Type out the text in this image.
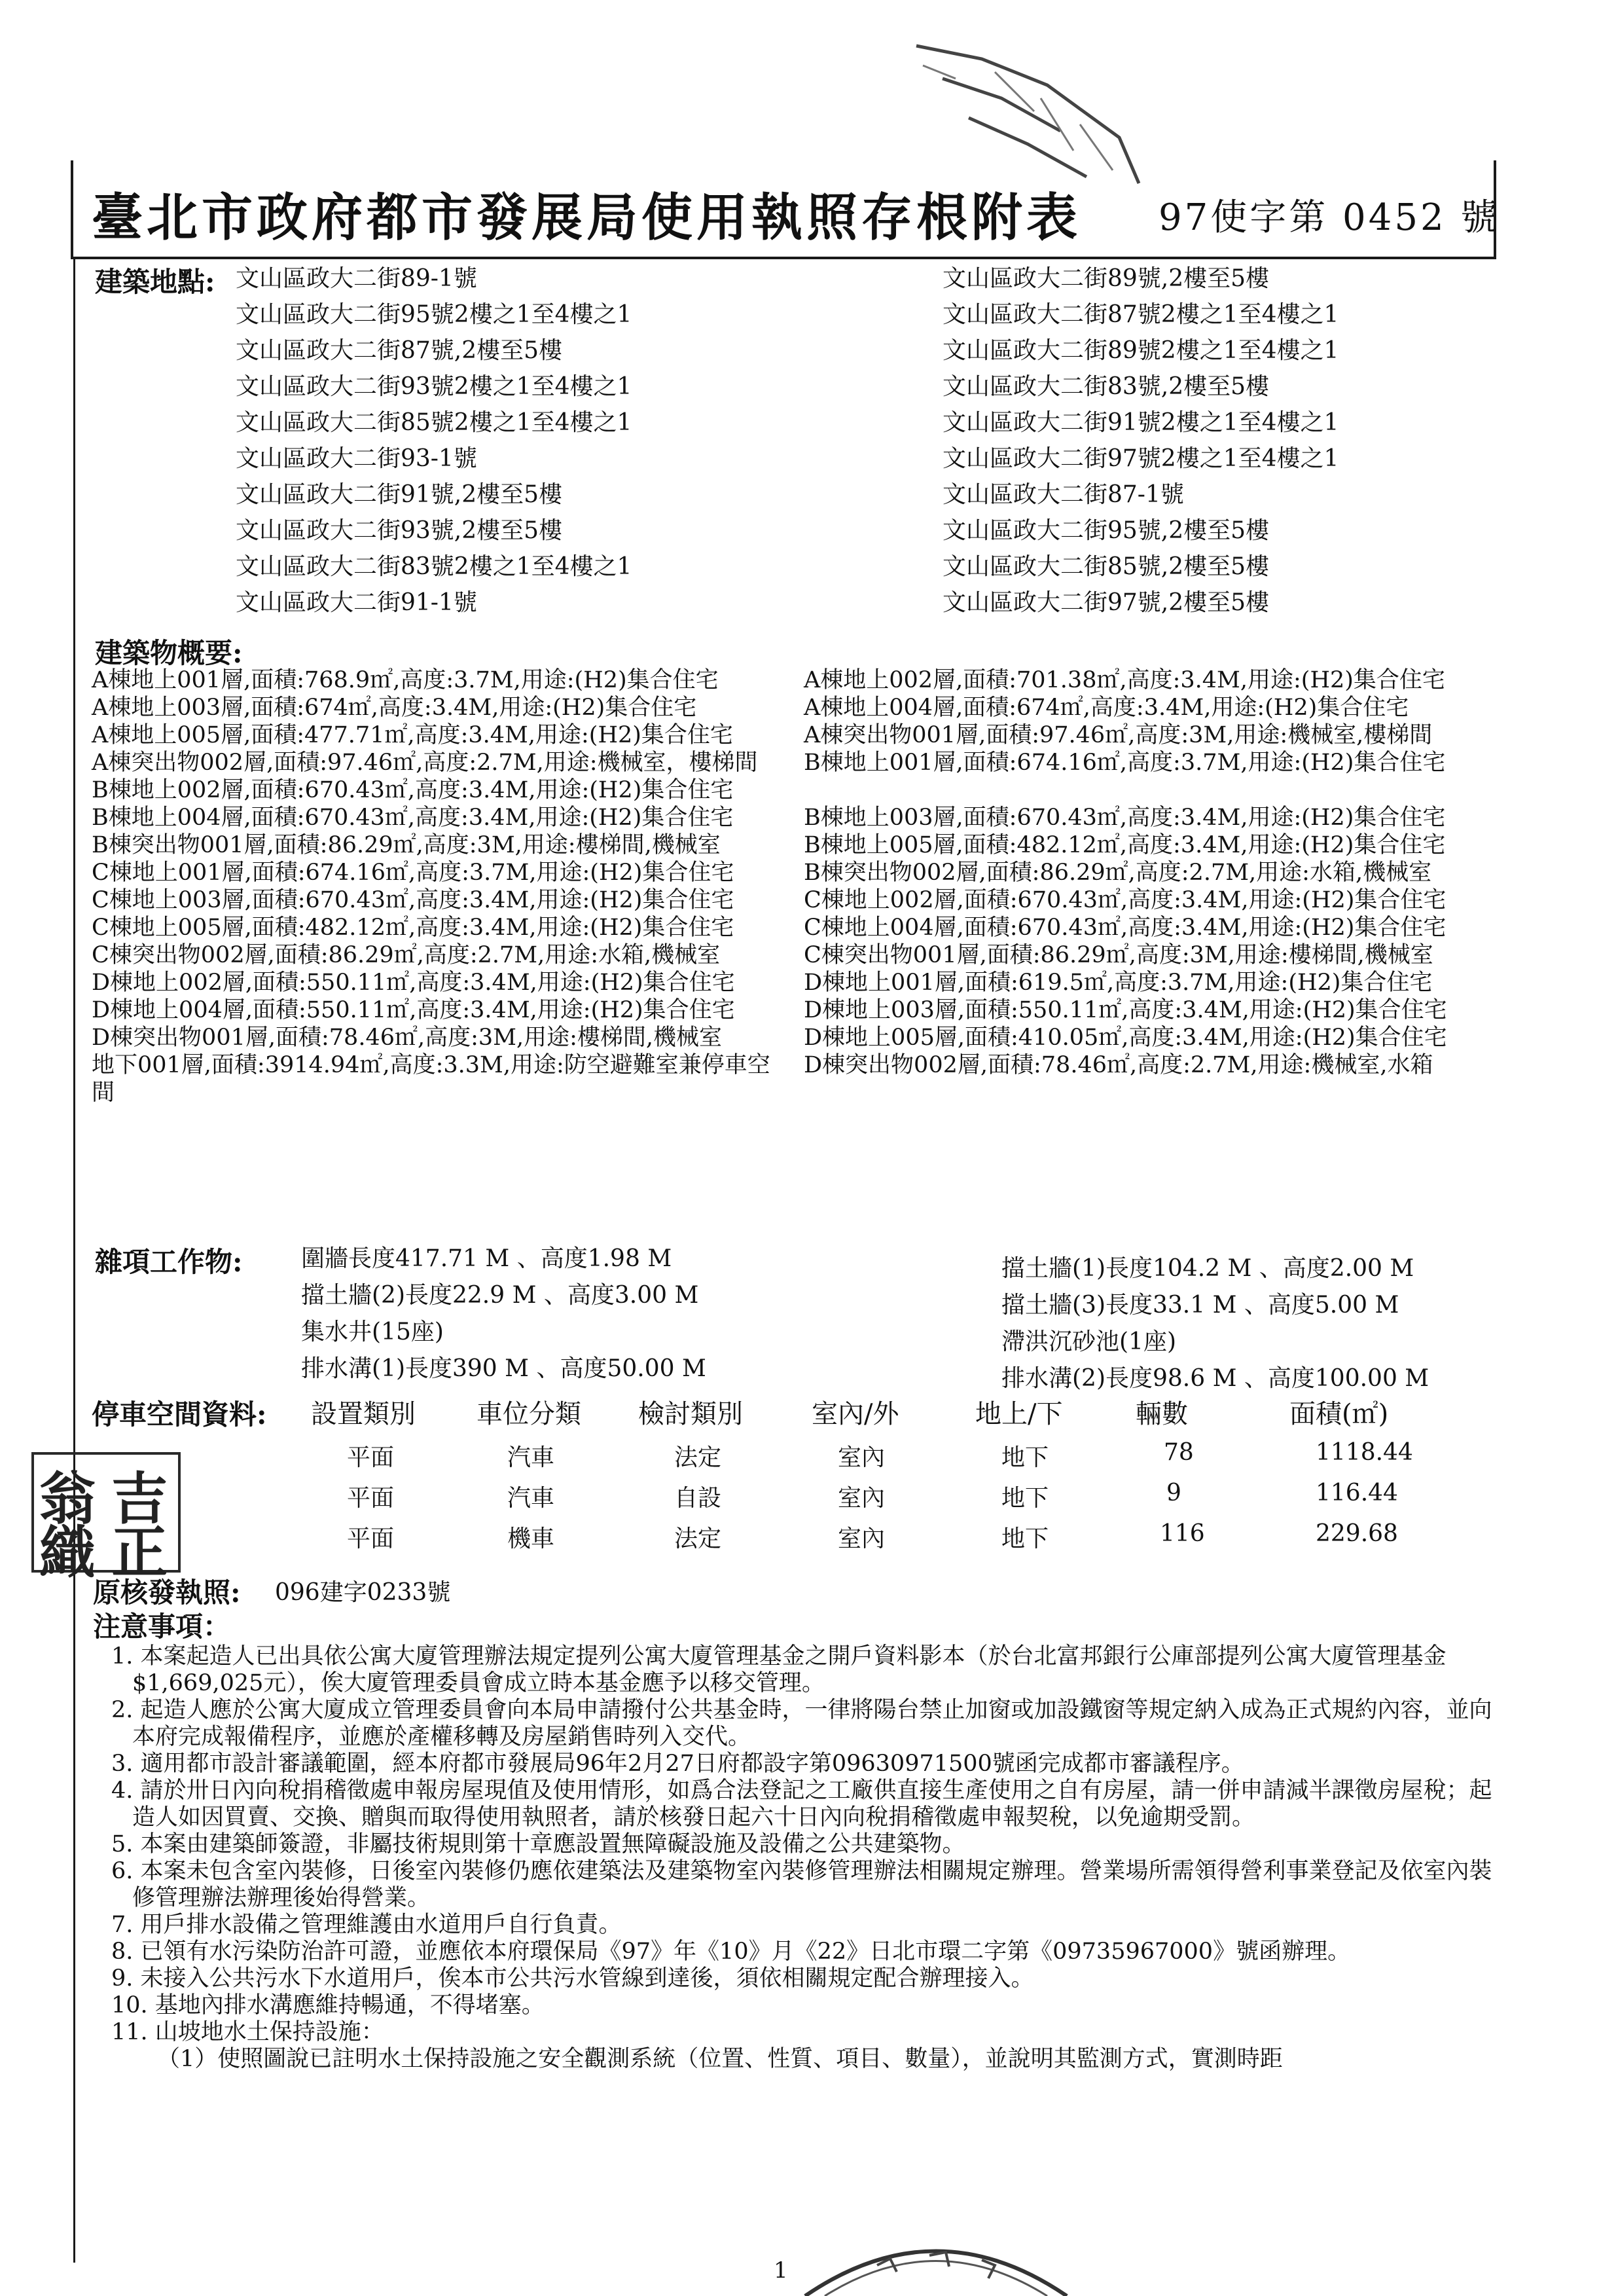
臺北市政府都市發展局使用執照存根附表 97使字第 0452 號
建築地點: 文山區政大二街89-1號
文山區政大二街95號2樓之1至4樓之1
文山區政大二街87號,2樓至5樓
文山區政大二街93號2樓之1至4樓之1
文山區政大二街85號2樓之1至4樓之1
文山區政大二街93-1號
文山區政大二街91號,2樓至5樓
文山區政大二街93號,2樓至5樓
文山區政大二街83號2樓之1至4樓之1
文山區政大二街91-1號
文山區政大二街89號,2樓至5樓
文山區政大二街87號2樓之1至4樓之1
文山區政大二街89號2樓之1至4樓之1
文山區政大二街83號,2樓至5樓
文山區政大二街91號2樓之1至4樓之1
文山區政大二街97號2樓之1至4樓之1
文山區政大二街87-1號
文山區政大二街95號,2樓至5樓
文山區政大二街85號,2樓至5樓
文山區政大二街97號,2樓至5樓
建築物概要:
A棟地上001層,面積:768.9㎡,高度:3.7M,用途:(H2)集合住宅
A棟地上003層,面積:674㎡,高度:3.4M,用途:(H2)集合住宅
A棟地上005層,面積:477.71㎡,高度:3.4M,用途:(H2)集合住宅
A棟突出物002層,面積:97.46㎡,高度:2.7M,用途:機械室，樓梯間
B棟地上002層,面積:670.43㎡,高度:3.4M,用途:(H2)集合住宅
B棟地上004層,面積:670.43㎡,高度:3.4M,用途:(H2)集合住宅
B棟突出物001層,面積:86.29㎡,高度:3M,用途:樓梯間,機械室
C棟地上001層,面積:674.16㎡,高度:3.7M,用途:(H2)集合住宅
C棟地上003層,面積:670.43㎡,高度:3.4M,用途:(H2)集合住宅
C棟地上005層,面積:482.12㎡,高度:3.4M,用途:(H2)集合住宅
C棟突出物002層,面積:86.29㎡,高度:2.7M,用途:水箱,機械室
D棟地上002層,面積:550.11㎡,高度:3.4M,用途:(H2)集合住宅
D棟地上004層,面積:550.11㎡,高度:3.4M,用途:(H2)集合住宅
D棟突出物001層,面積:78.46㎡,高度:3M,用途:樓梯間,機械室
地下001層,面積:3914.94㎡,高度:3.3M,用途:防空避難室兼停車空間
A棟地上002層,面積:701.38㎡,高度:3.4M,用途:(H2)集合住宅
A棟地上004層,面積:674㎡,高度:3.4M,用途:(H2)集合住宅
A棟突出物001層,面積:97.46㎡,高度:3M,用途:機械室,樓梯間
B棟地上001層,面積:674.16㎡,高度:3.7M,用途:(H2)集合住宅
B棟地上003層,面積:670.43㎡,高度:3.4M,用途:(H2)集合住宅
B棟地上005層,面積:482.12㎡,高度:3.4M,用途:(H2)集合住宅
B棟突出物002層,面積:86.29㎡,高度:2.7M,用途:水箱,機械室
C棟地上002層,面積:670.43㎡,高度:3.4M,用途:(H2)集合住宅
C棟地上004層,面積:670.43㎡,高度:3.4M,用途:(H2)集合住宅
C棟突出物001層,面積:86.29㎡,高度:3M,用途:樓梯間,機械室
D棟地上001層,面積:619.5㎡,高度:3.7M,用途:(H2)集合住宅
D棟地上003層,面積:550.11㎡,高度:3.4M,用途:(H2)集合住宅
D棟地上005層,面積:410.05㎡,高度:3.4M,用途:(H2)集合住宅
D棟突出物002層,面積:78.46㎡,高度:2.7M,用途:機械室,水箱
雜項工作物: 圍牆長度417.71 M 、高度1.98 M
擋土牆(2)長度22.9 M 、高度3.00 M
集水井(15座)
排水溝(1)長度390 M 、高度50.00 M
擋土牆(1)長度104.2 M 、高度2.00 M
擋土牆(3)長度33.1 M 、高度5.00 M
滯洪沉砂池(1座)
排水溝(2)長度98.6 M 、高度100.00 M
停車空間資料: 設置類別 車位分類 檢討類別	室內/外	地上/下	輛數	面積(㎡)
平面	汽車	法定	室內	地下	78	1118.44
平面	汽車	自設	室內	地下	9	116.44
平面	機車	法定	室內	地下	116	229.68
翁 吉
織 正
原核發執照: 096建字0233號
注意事項：
1. 本案起造人已出具依公寓大廈管理辦法規定提列公寓大廈管理基金之開戶資料影本（於台北富邦銀行公庫部提列公寓大廈管理基金$1,669,025元），俟大廈管理委員會成立時本基金應予以移交管理。
2. 起造人應於公寓大廈成立管理委員會向本局申請撥付公共基金時，一律將陽台禁止加窗或加設鐵窗等規定納入成為正式規約內容，並向本府完成報備程序，並應於產權移轉及房屋銷售時列入交代。
3. 適用都市設計審議範圍，經本府都市發展局96年2月27日府都設字第09630971500號函完成都市審議程序。
4. 請於卅日內向稅捐稽徵處申報房屋現值及使用情形，如爲合法登記之工廠供直接生產使用之自有房屋，請一併申請減半課徵房屋稅；起造人如因買賣、交換、贈與而取得使用執照者，請於核發日起六十日內向稅捐稽徵處申報契稅，以免逾期受罰。
5. 本案由建築師簽證，非屬技術規則第十章應設置無障礙設施及設備之公共建築物。
6. 本案未包含室內裝修，日後室內裝修仍應依建築法及建築物室內裝修管理辦法相關規定辦理。營業場所需領得營利事業登記及依室內裝修管理辦法辦理後始得營業。
7. 用戶排水設備之管理維護由水道用戶自行負責。
8. 已領有水污染防治許可證，並應依本府環保局《97》年《10》月《22》日北市環二字第《09735967000》號函辦理。
9. 未接入公共污水下水道用戶，俟本市公共污水管線到達後，須依相關規定配合辦理接入。
10. 基地內排水溝應維持暢通，不得堵塞。
11. 山坡地水土保持設施：
（1）使照圖說已註明水土保持設施之安全觀測系統（位置、性質、項目、數量），並說明其監測方式，實測時距
1
